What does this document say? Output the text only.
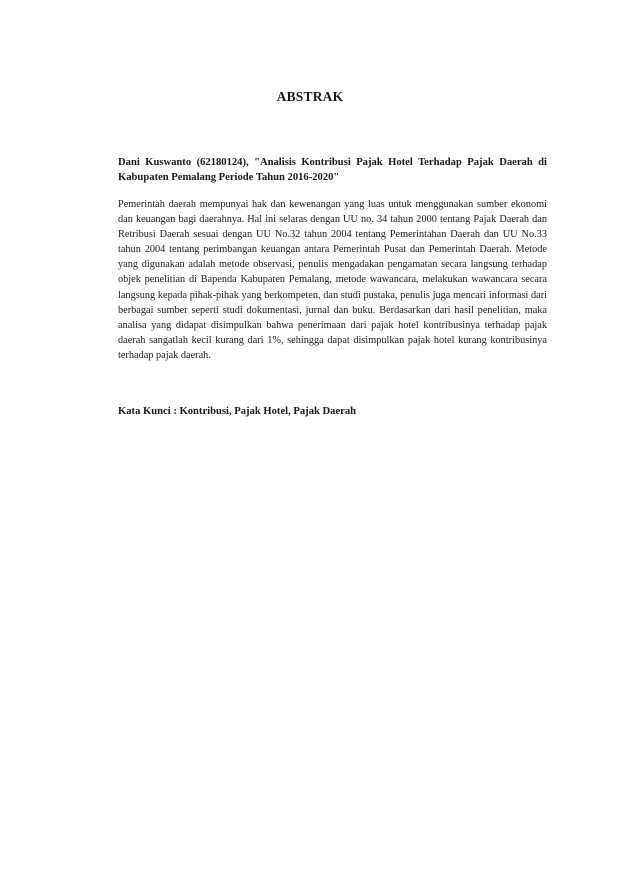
ABSTRAK

Dani Kuswanto (62180124), "Analisis Kontribusi Pajak Hotel Terhadap Pajak Daerah di Kabupaten Pemalang Periode Tahun 2016-2020"

Pemerintah daerah mempunyai hak dan kewenangan yang luas untuk menggunakan sumber ekonomi dan keuangan bagi daerahnya. Hal ini selaras dengan UU no. 34 tahun 2000 tentang Pajak Daerah dan Retribusi Daerah sesuai dengan UU No.32 tahun 2004 tentang Pemerintahan Daerah dan UU No.33 tahun 2004 tentang perimbangan keuangan antara Pemerintah Pusat dan Pemerintah Daerah. Metode yang digunakan adalah metode observasi, penulis mengadakan pengamatan secara langsung terhadap objek penelitian di Bapenda Kabupaten Pemalang, metode wawancara, melakukan wawancara secara langsung kepada pihak-pihak yang berkompeten, dan studi pustaka, penulis juga mencari informasi dari berbagai sumber seperti studi dokumentasi, jurnal dan buku. Berdasarkan dari hasil penelitian, maka analisa yang didapat disimpulkan bahwa penerimaan dari pajak hotel kontribusinya terhadap pajak daerah sangatlah kecil kurang dari 1%, sehingga dapat disimpulkan pajak hotel kurang kontribusinya terhadap pajak daerah.

Kata Kunci : Kontribusi, Pajak Hotel, Pajak Daerah
